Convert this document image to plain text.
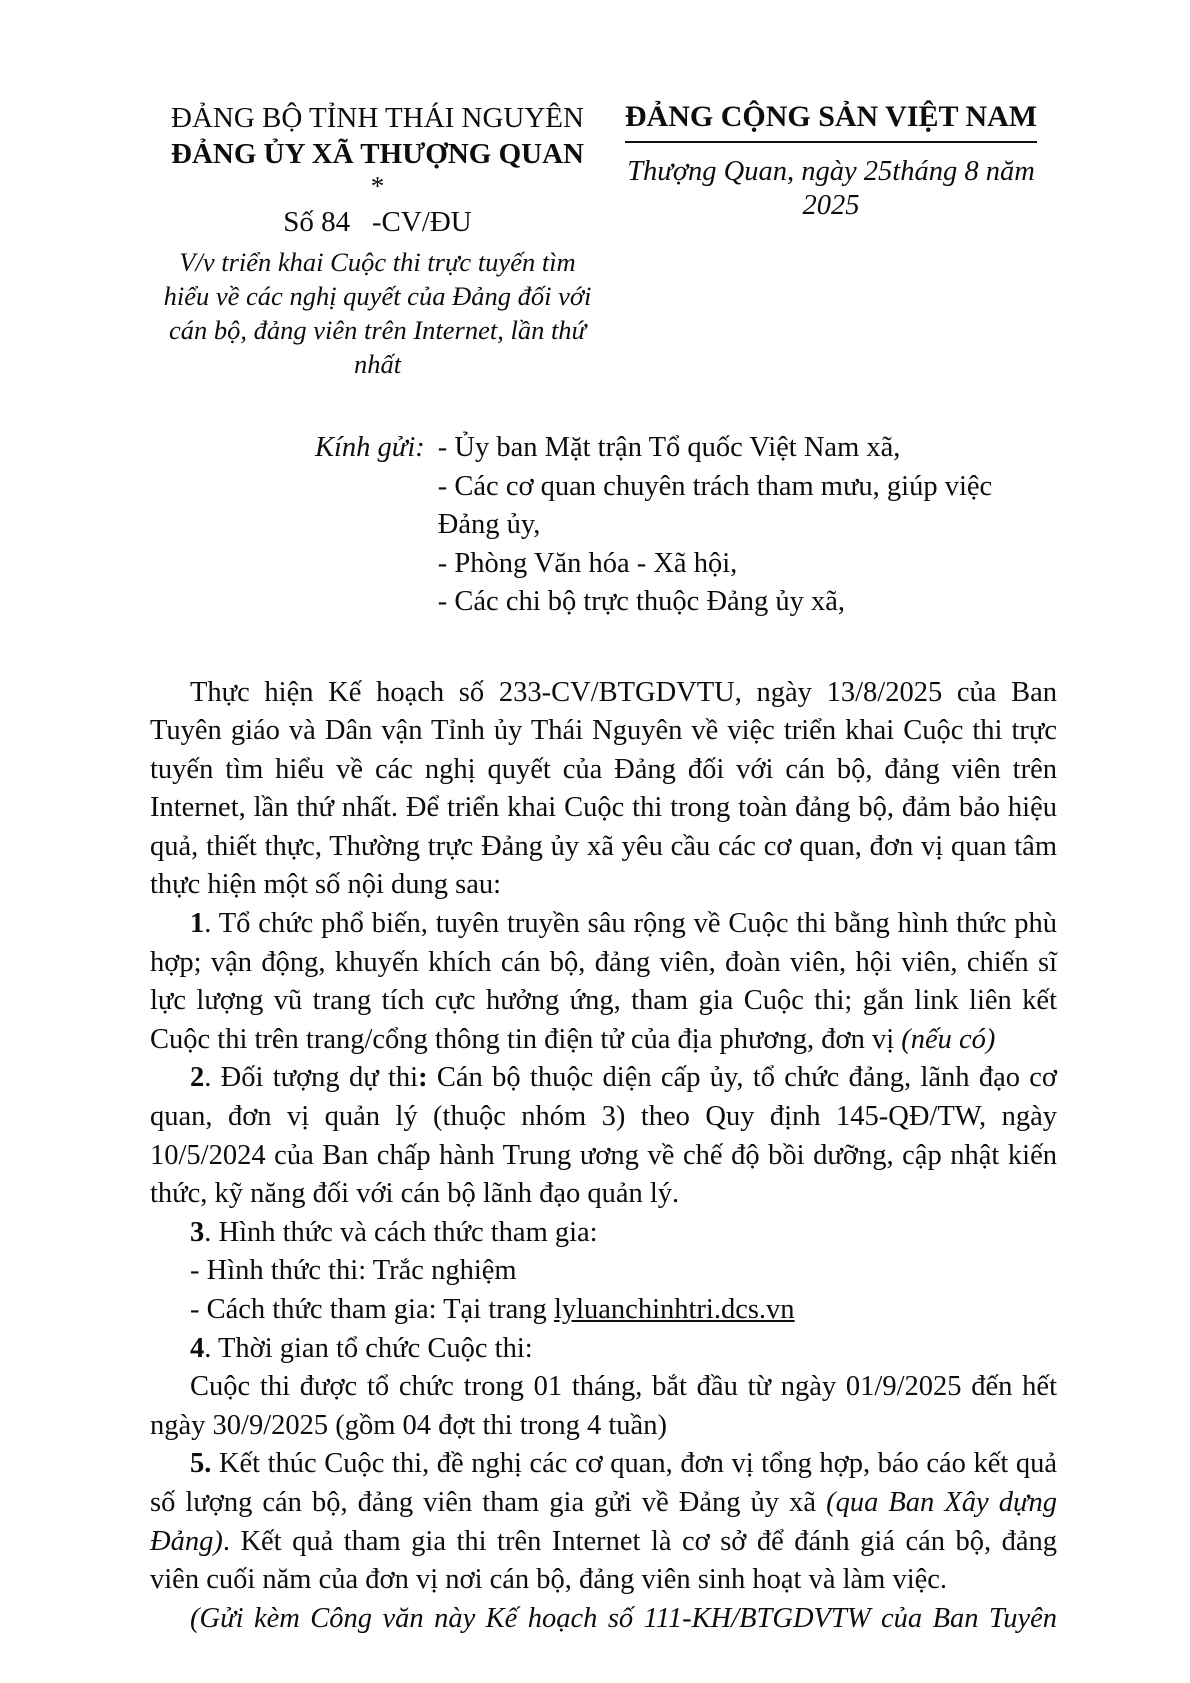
ĐẢNG BỘ TỈNH THÁI NGUYÊN
ĐẢNG ỦY XÃ THƯỢNG QUAN
*
Số 84   -CV/ĐU
V/v triển khai Cuộc thi trực tuyến tìm hiểu về các nghị quyết của Đảng đối với cán bộ, đảng viên trên Internet, lần thứ nhất
ĐẢNG CỘNG SẢN VIỆT NAM
Thượng Quan, ngày 25tháng 8 năm 2025
Kính gửi: - Ủy ban Mặt trận Tổ quốc Việt Nam xã,
- Các cơ quan chuyên trách tham mưu, giúp việc Đảng ủy,
- Phòng Văn hóa - Xã hội,
- Các chi bộ trực thuộc Đảng ủy xã,

Thực hiện Kế hoạch số 233-CV/BTGDVTU, ngày 13/8/2025 của Ban Tuyên giáo và Dân vận Tỉnh ủy Thái Nguyên về việc triển khai Cuộc thi trực tuyến tìm hiểu về các nghị quyết của Đảng đối với cán bộ, đảng viên trên Internet, lần thứ nhất. Để triển khai Cuộc thi trong toàn đảng bộ, đảm bảo hiệu quả, thiết thực, Thường trực Đảng ủy xã yêu cầu các cơ quan, đơn vị quan tâm thực hiện một số nội dung sau:

1. Tổ chức phổ biến, tuyên truyền sâu rộng về Cuộc thi bằng hình thức phù hợp; vận động, khuyến khích cán bộ, đảng viên, đoàn viên, hội viên, chiến sĩ lực lượng vũ trang tích cực hưởng ứng, tham gia Cuộc thi; gắn link liên kết Cuộc thi trên trang/cổng thông tin điện tử của địa phương, đơn vị (nếu có)

2. Đối tượng dự thi: Cán bộ thuộc diện cấp ủy, tổ chức đảng, lãnh đạo cơ quan, đơn vị quản lý (thuộc nhóm 3) theo Quy định 145-QĐ/TW, ngày 10/5/2024 của Ban chấp hành Trung ương về chế độ bồi dưỡng, cập nhật kiến thức, kỹ năng đối với cán bộ lãnh đạo quản lý.

3. Hình thức và cách thức tham gia:

- Hình thức thi: Trắc nghiệm

- Cách thức tham gia: Tại trang lyluanchinhtri.dcs.vn

4. Thời gian tổ chức Cuộc thi:

Cuộc thi được tổ chức trong 01 tháng, bắt đầu từ ngày 01/9/2025 đến hết ngày 30/9/2025 (gồm 04 đợt thi trong 4 tuần)

5. Kết thúc Cuộc thi, đề nghị các cơ quan, đơn vị tổng hợp, báo cáo kết quả số lượng cán bộ, đảng viên tham gia gửi về Đảng ủy xã (qua Ban Xây dựng Đảng). Kết quả tham gia thi trên Internet là cơ sở để đánh giá cán bộ, đảng viên cuối năm của đơn vị nơi cán bộ, đảng viên sinh hoạt và làm việc.

(Gửi kèm Công văn này Kế hoạch số 111-KH/BTGDVTW của Ban Tuyên
